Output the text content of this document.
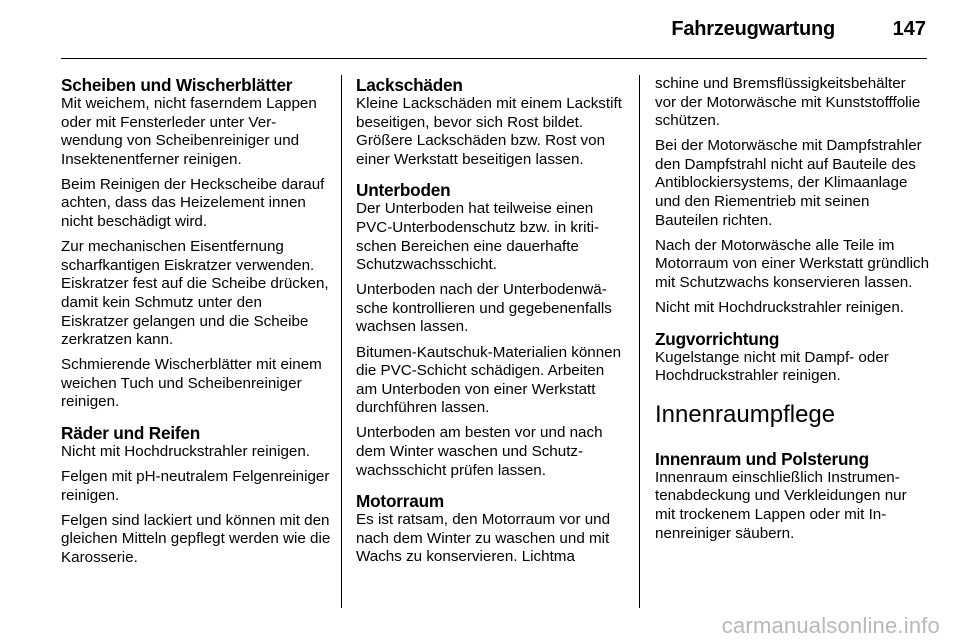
Fahrzeugwartung	147
Scheiben und Wischerblätter

Mit weichem, nicht faserndem Lappen oder mit Fensterleder unter Verwendung von Scheibenreiniger und Insektenentferner reinigen.

Beim Reinigen der Heckscheibe darauf achten, dass das Heizelement innen nicht beschädigt wird.

Zur mechanischen Eisentfernung scharfkantigen Eiskratzer verwenden. Eiskratzer fest auf die Scheibe drücken, damit kein Schmutz unter den Eiskratzer gelangen und die Scheibe zerkratzen kann.

Schmierende Wischerblätter mit einem weichen Tuch und Scheibenreiniger reinigen.

Räder und Reifen

Nicht mit Hochdruckstrahler reinigen.

Felgen mit pH-neutralem Felgenreiniger reinigen.

Felgen sind lackiert und können mit den gleichen Mitteln gepflegt werden wie die Karosserie.

Lackschäden

Kleine Lackschäden mit einem Lackstift beseitigen, bevor sich Rost bildet. Größere Lackschäden bzw. Rost von einer Werkstatt beseitigen lassen.

Unterboden

Der Unterboden hat teilweise einen PVC-Unterbodenschutz bzw. in kritischen Bereichen eine dauerhafte Schutzwachsschicht.

Unterboden nach der Unterbodenwäsche kontrollieren und gegebenenfalls wachsen lassen.

Bitumen-Kautschuk-Materialien können die PVC-Schicht schädigen. Arbeiten am Unterboden von einer Werkstatt durchführen lassen.

Unterboden am besten vor und nach dem Winter waschen und Schutzwachsschicht prüfen lassen.

Motorraum

Es ist ratsam, den Motorraum vor und nach dem Winter zu waschen und mit Wachs zu konservieren. Lichtma

schine und Bremsflüssigkeitsbehälter vor der Motorwäsche mit Kunststofffolie schützen.

Bei der Motorwäsche mit Dampfstrahler den Dampfstrahl nicht auf Bauteile des Antiblockiersystems, der Klimaanlage und den Riementrieb mit seinen Bauteilen richten.

Nach der Motorwäsche alle Teile im Motorraum von einer Werkstatt gründlich mit Schutzwachs konservieren lassen.

Nicht mit Hochdruckstrahler reinigen.

Zugvorrichtung

Kugelstange nicht mit Dampf- oder Hochdruckstrahler reinigen.

Innenraumpflege
Innenraum und Polsterung

Innenraum einschließlich Instrumentenabdeckung und Verkleidungen nur mit trockenem Lappen oder mit Innenreiniger säubern.

carmanualsonline.info
